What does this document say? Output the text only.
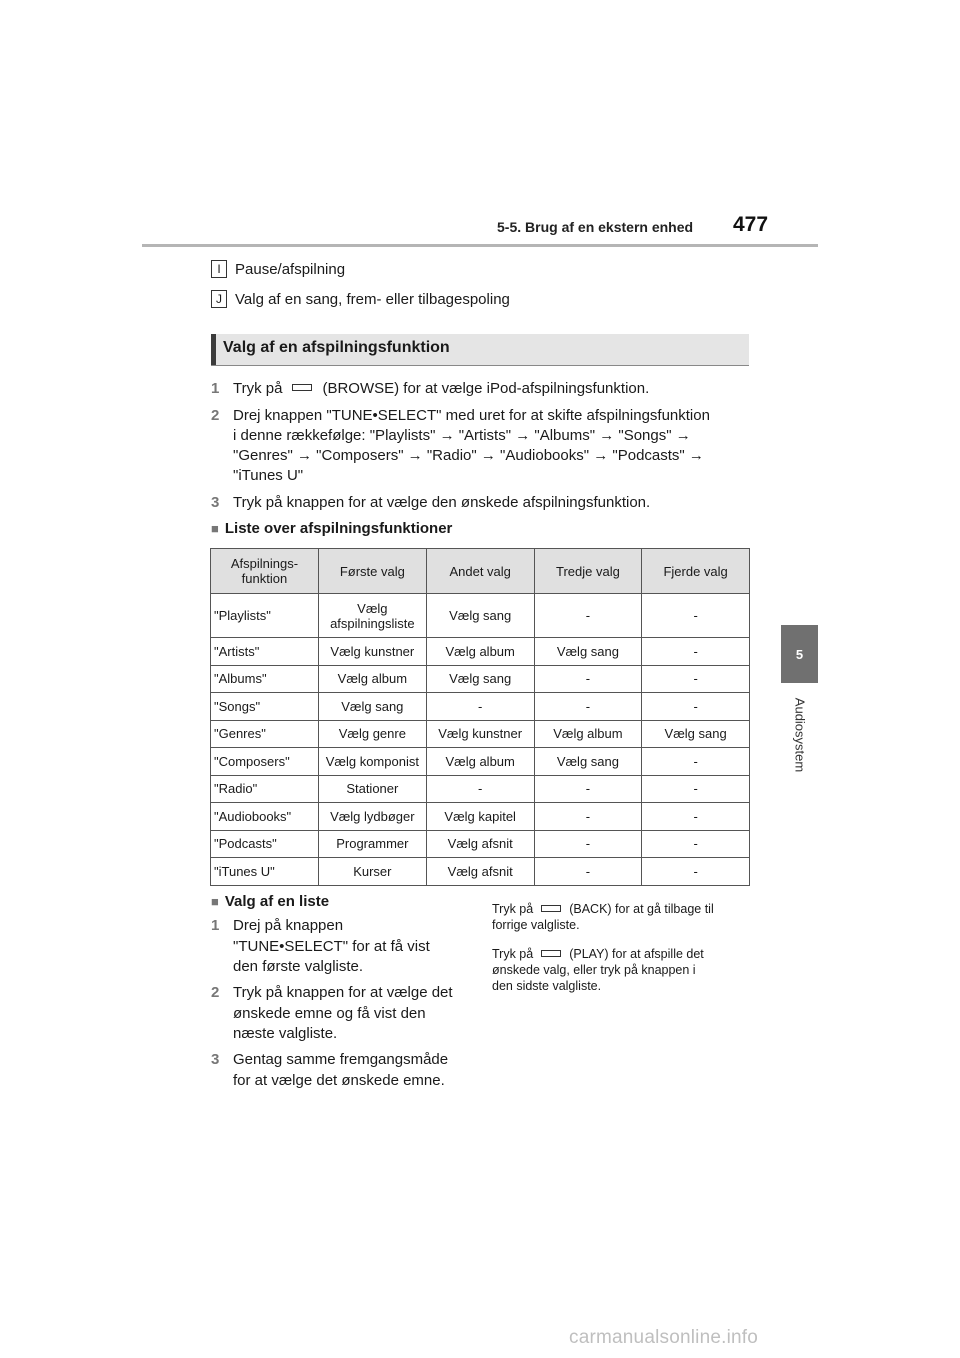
5-5. Brug af en ekstern enhed 477
5
Audiosystem
I Pause/afspilning
J Valg af en sang, frem- eller tilbagespoling
Valg af en afspilningsfunktion
1 Tryk på	(BROWSE) for at vælge iPod-afspilningsfunktion.
2 Drej knappen "TUNE•SELECT" med uret for at skifte afspilningsfunktion
i denne rækkefølge: "Playlists" → "Artists" → "Albums" → "Songs" →
"Genres" → "Composers" → "Radio" → "Audiobooks" → "Podcasts" →
"iTunes U"
3 Tryk på knappen for at vælge den ønskede afspilningsfunktion.
■ Liste over afspilningsfunktioner
Afspilnings-
funktion	Første valg	Andet valg	Tredje valg	Fjerde valg
"Playlists"	Vælg
afspilningsliste	Vælg sang	-	-
"Artists"	Vælg kunstner	Vælg album	Vælg sang	-
"Albums"	Vælg album	Vælg sang	-	-
"Songs"	Vælg sang	-	-	-
"Genres"	Vælg genre	Vælg kunstner	Vælg album	Vælg sang
"Composers"	Vælg komponist	Vælg album	Vælg sang	-
"Radio"	Stationer	-	-	-
"Audiobooks"	Vælg lydbøger	Vælg kapitel	-	-
"Podcasts"	Programmer	Vælg afsnit	-	-
"iTunes U"	Kurser	Vælg afsnit	-	-
■ Valg af en liste
1 Drej på knappen
"TUNE•SELECT" for at få vist
den første valgliste.
2 Tryk på knappen for at vælge det
ønskede emne og få vist den
næste valgliste.
3 Gentag samme fremgangsmåde
for at vælge det ønskede emne.
Tryk på	(BACK) for at gå tilbage til
forrige valgliste.
Tryk på	(PLAY) for at afspille det
ønskede valg, eller tryk på knappen i
den sidste valgliste.
carmanualsonline.info
